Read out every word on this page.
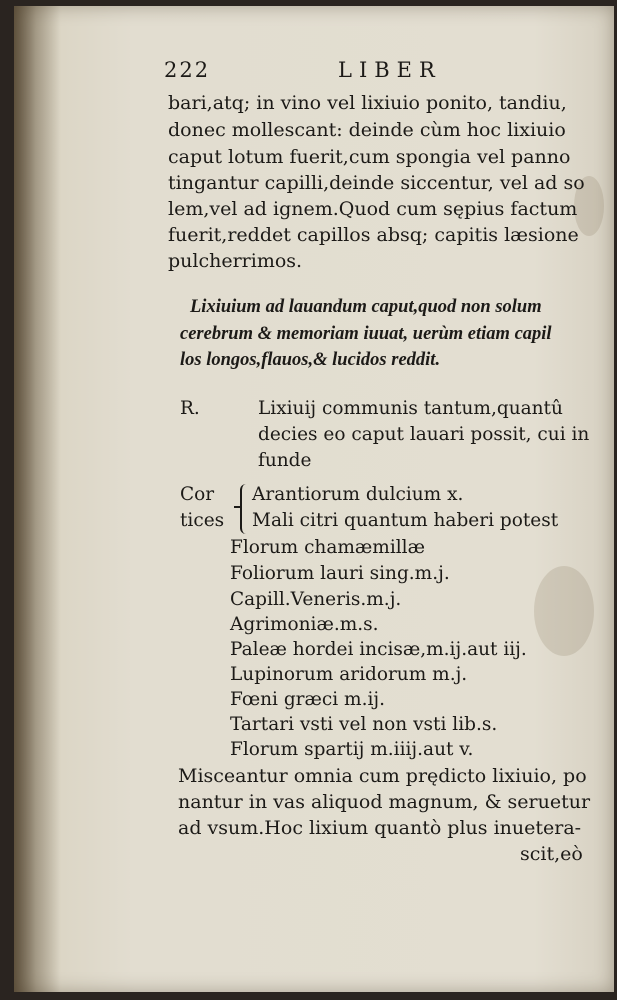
222	LIBER
bari,atq; in vino vel lixiuio ponito, tandiu,
donec mollescant: deinde cùm hoc lixiuio
caput lotum fuerit,cum spongia vel panno
tingantur capilli,deinde siccentur, vel ad so
lem,vel ad ignem.Quod cum sępius factum
fuerit,reddet capillos absq; capitis læsione
pulcherrimos.
Lixiuium ad lauandum caput,quod non solum
cerebrum & memoriam iuuat, uerùm etiam capil
los longos,flauos,& lucidos reddit.
R.	Lixiuij communis tantum,quantû
decies eo caput lauari possit, cui in
funde
Cor
tices
Arantiorum dulcium x.
Mali citri quantum haberi potest
Florum chamæmillæ
Foliorum lauri sing.m.j.
Capill.Veneris.m.j.
Agrimoniæ.m.s.
Paleæ hordei incisæ,m.ij.aut iij.
Lupinorum aridorum m.j.
Fœni græci m.ij.
Tartari vsti vel non vsti lib.s.
Florum spartij m.iiij.aut v.
Misceantur omnia cum prędicto lixiuio, po
nantur in vas aliquod magnum, & seruetur
ad vsum.Hoc lixium quantò plus inuetera-
scit,eò
